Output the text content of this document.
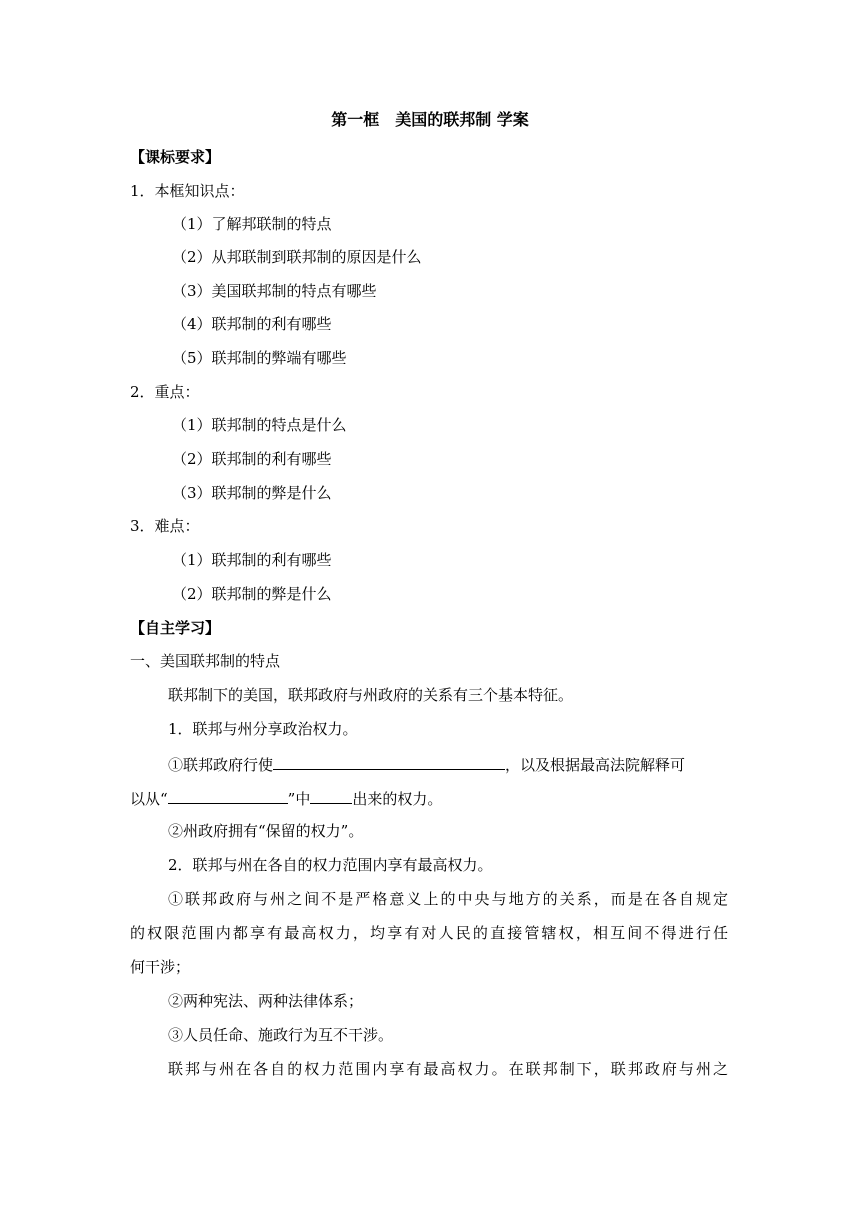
第一框　美国的联邦制 学案
【课标要求】
1．本框知识点：
（1）了解邦联制的特点
（2）从邦联制到联邦制的原因是什么
（3）美国联邦制的特点有哪些
（4）联邦制的利有哪些
（5）联邦制的弊端有哪些
2．重点：
（1）联邦制的特点是什么
（2）联邦制的利有哪些
（3）联邦制的弊是什么
3．难点：
（1）联邦制的利有哪些
（2）联邦制的弊是什么
【自主学习】
一、美国联邦制的特点
联邦制下的美国，联邦政府与州政府的关系有三个基本特征。
1．联邦与州分享政治权力。
①联邦政府行使	，以及根据最高法院解释可
以从“	”中	出来的权力。
②州政府拥有“保留的权力”。
2．联邦与州在各自的权力范围内享有最高权力。
①联邦政府与州之间不是严格意义上的中央与地方的关系，而是在各自规定
的权限范围内都享有最高权力，均享有对人民的直接管辖权，相互间不得进行任
何干涉；
②两种宪法、两种法律体系；
③人员任命、施政行为互不干涉。
联邦与州在各自的权力范围内享有最高权力。在联邦制下，联邦政府与州之
